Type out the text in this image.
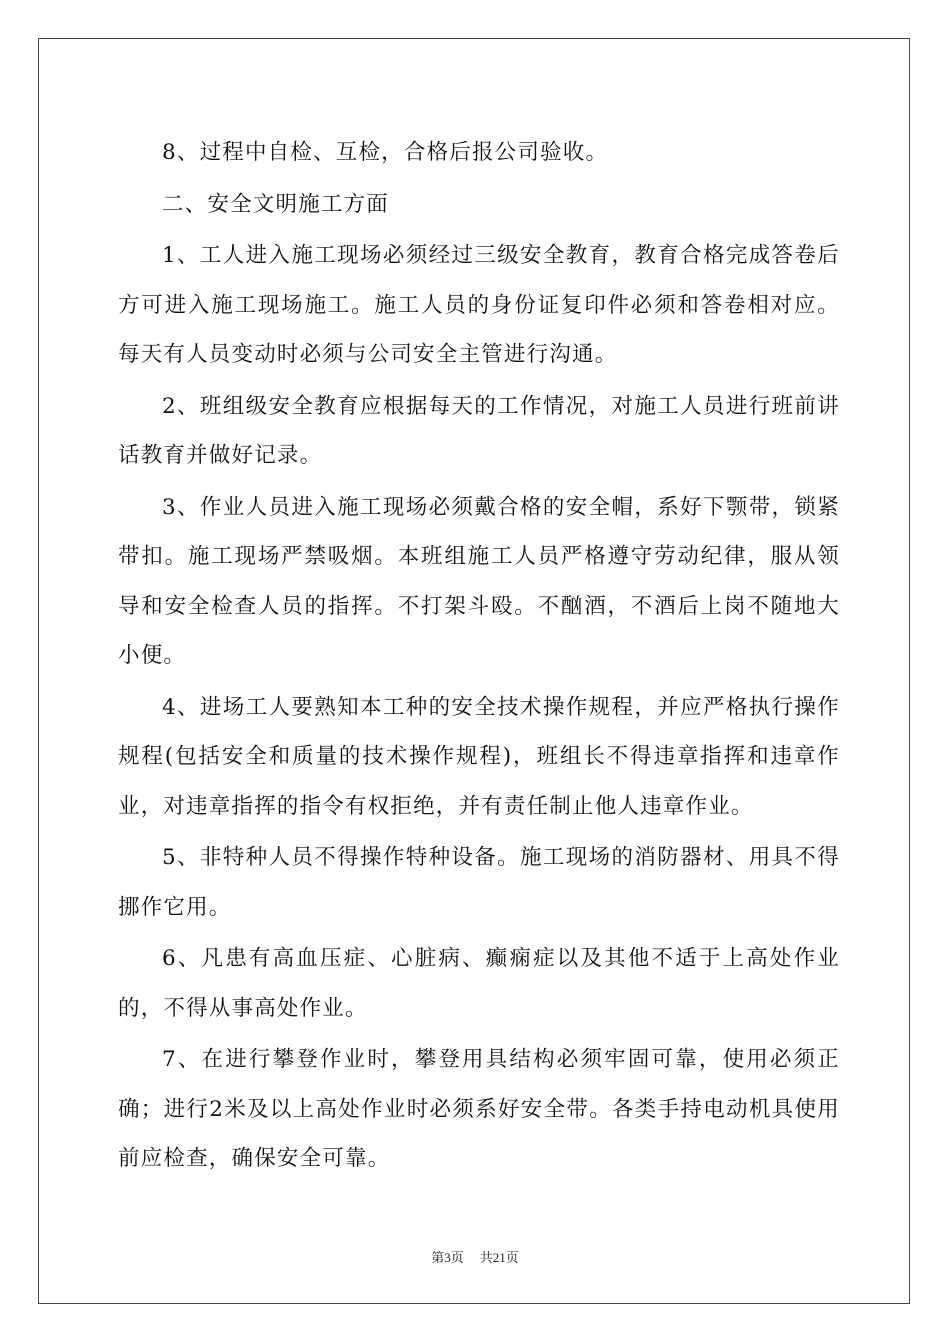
8、过程中自检、互检，合格后报公司验收。

二、安全文明施工方面

1、工人进入施工现场必须经过三级安全教育，教育合格完成答卷后方可进入施工现场施工。施工人员的身份证复印件必须和答卷相对应。每天有人员变动时必须与公司安全主管进行沟通。

2、班组级安全教育应根据每天的工作情况，对施工人员进行班前讲话教育并做好记录。

3、作业人员进入施工现场必须戴合格的安全帽，系好下颚带，锁紧带扣。施工现场严禁吸烟。本班组施工人员严格遵守劳动纪律，服从领导和安全检查人员的指挥。不打架斗殴。不酗酒，不酒后上岗不随地大小便。

4、进场工人要熟知本工种的安全技术操作规程，并应严格执行操作规程(包括安全和质量的技术操作规程)，班组长不得违章指挥和违章作业，对违章指挥的指令有权拒绝，并有责任制止他人违章作业。

5、非特种人员不得操作特种设备。施工现场的消防器材、用具不得挪作它用。

6、凡患有高血压症、心脏病、癫痫症以及其他不适于上高处作业的，不得从事高处作业。

7、在进行攀登作业时，攀登用具结构必须牢固可靠，使用必须正确；进行2米及以上高处作业时必须系好安全带。各类手持电动机具使用前应检查，确保安全可靠。

第3页 共21页
